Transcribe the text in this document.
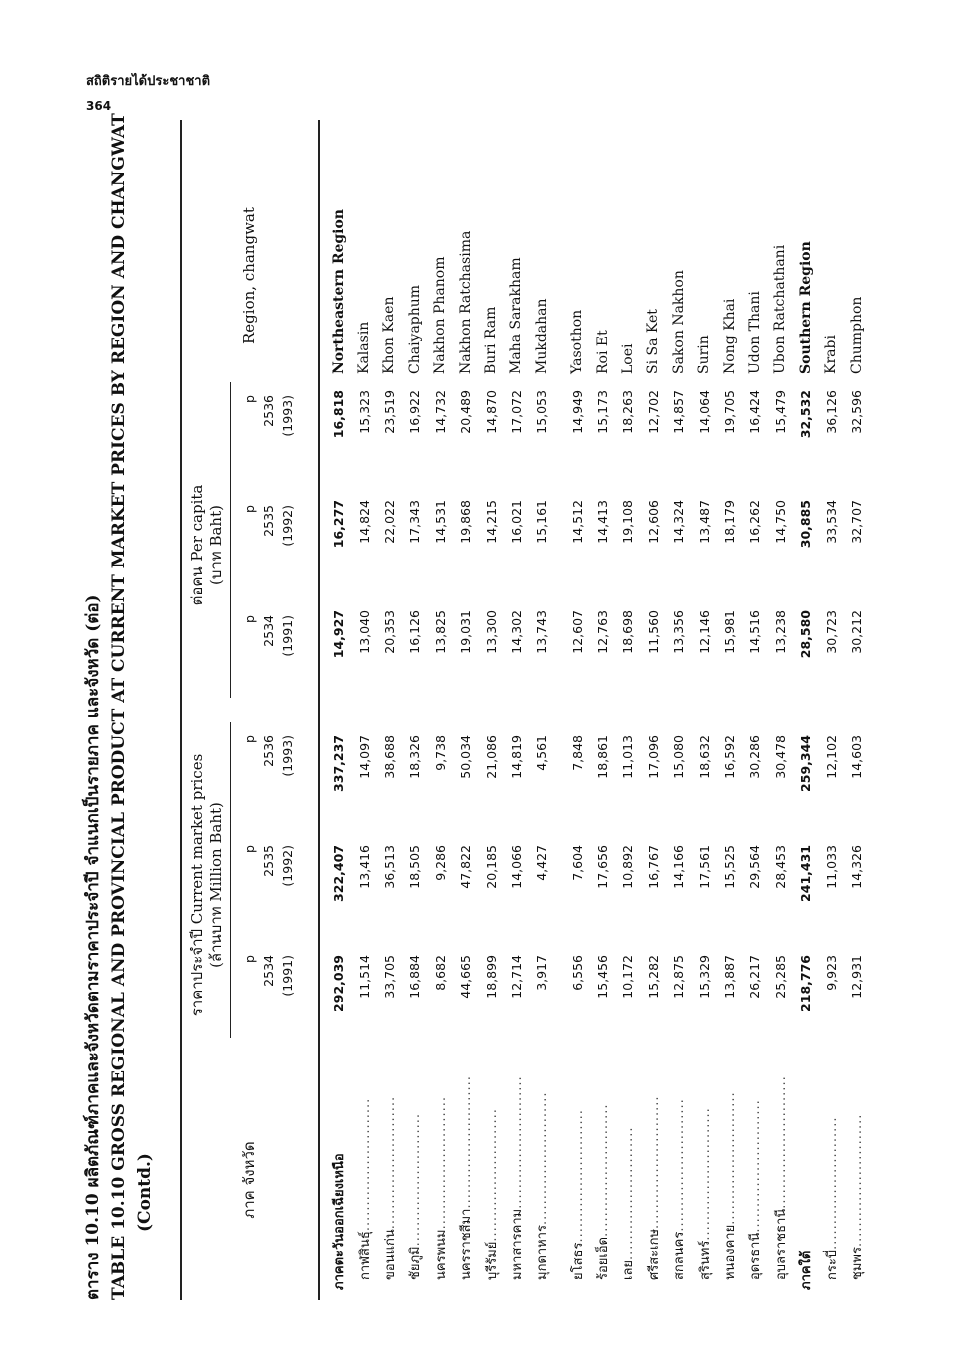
สถิติรายได้ประชาชาติ
364
ตาราง 10.10 ผลิตภัณฑ์ภาคและจังหวัดตามราคาประจำปี จำแนกเป็นรายภาค และจังหวัด (ต่อ) TABLE 10.10 GROSS REGIONAL AND PROVINCIAL PRODUCT AT CURRENT MARKET PRICES BY REGION AND CHANGWAT (Contd.)	ภาค จังหวัด
ราคาประจำปี Current market prices (ล้านบาท Million Baht)
ต่อคน Per capita (บาท Baht)
Region, changwat
p 2534 (1991)
p 2535 (1992)
p 2536 (1993)
p 2534 (1991)
p 2535 (1992)
p 2536 (1993)
ภาคตะวันออกเฉียงเหนือ	292,039	322,407	337,237	14,927	16,277	16,818	Northeastern Region
กาฬสินธุ์..........................	11,514	13,416	14,097	13,040	14,824	15,323	Kalasin
ขอนแก่น..........................	33,705	36,513	38,688	20,353	22,022	23,519	Khon Kaen
ชัยภูมิ..........................	16,884	18,505	18,326	16,126	17,343	16,922	Chaiyaphum
นครพนม..........................	8,682	9,286	9,738	13,825	14,531	14,732	Nakhon Phanom
นครราชสีมา..........................	44,665	47,822	50,034	19,031	19,868	20,489	Nakhon Ratchasima
บุรีรัมย์..........................	18,899	20,185	21,086	13,300	14,215	14,870	Buri Ram
มหาสารคาม..........................	12,714	14,066	14,819	14,302	16,021	17,072	Maha Sarakham
มุกดาหาร..........................	3,917	4,427	4,561	13,743	15,161	15,053	Mukdahan

ยโสธร..........................	6,556	7,604	7,848	12,607	14,512	14,949	Yasothon
ร้อยเอ็ด..........................	15,456	17,656	18,861	12,763	14,413	15,173	Roi Et
เลย..........................	10,172	10,892	11,013	18,698	19,108	18,263	Loei
ศรีสะเกษ..........................	15,282	16,767	17,096	11,560	12,606	12,702	Si Sa Ket
สกลนคร..........................	12,875	14,166	15,080	13,356	14,324	14,857	Sakon Nakhon
สุรินทร์..........................	15,329	17,561	18,632	12,146	13,487	14,064	Surin
หนองคาย..........................	13,887	15,525	16,592	15,981	18,179	19,705	Nong Khai
อุดรธานี..........................	26,217	29,564	30,286	14,516	16,262	16,424	Udon Thani
อุบลราชธานี..........................	25,285	28,453	30,478	13,238	14,750	15,479	Ubon Ratchathani
ภาคใต้	218,776	241,431	259,344	28,580	30,885	32,532	Southern Region
กระบี่..........................	9,923	11,033	12,102	30,723	33,534	36,126	Krabi
ชุมพร..........................	12,931	14,326	14,603	30,212	32,707	32,596	Chumphon
